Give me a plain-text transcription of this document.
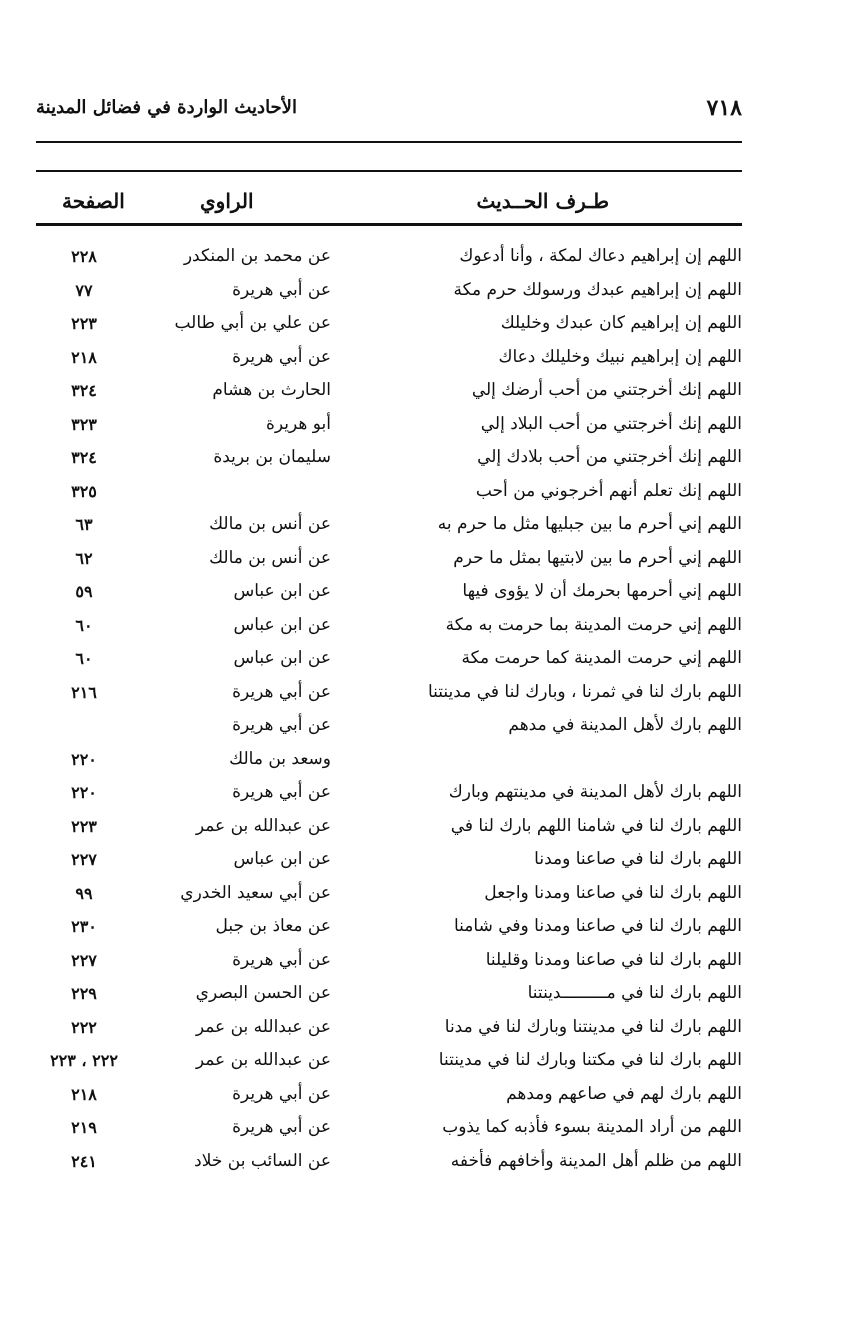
٧١٨
الأحاديث الواردة في فضائل المدينة
طـرف الحــديث
الراوي
الصفحة
اللهم إن إبراهيم دعاك لمكة ، وأنا أدعوك
عن محمد بن المنكدر
٢٢٨
اللهم إن إبراهيم عبدك ورسولك حرم مكة
عن أبي هريرة
٧٧
اللهم إن إبراهيم كان عبدك وخليلك
عن علي بن أبي طالب
٢٢٣
اللهم إن إبراهيم نبيك وخليلك دعاك
عن أبي هريرة
٢١٨
اللهم إنك أخرجتني من أحب أرضك إلي
الحارث بن هشام
٣٢٤
اللهم إنك أخرجتني من أحب البلاد إلي
أبو هريرة
٣٢٣
اللهم إنك أخرجتني من أحب بلادك إلي
سليمان بن بريدة
٣٢٤
اللهم إنك تعلم أنهم أخرجوني من أحب
٣٢٥
اللهم إني أحرم ما بين جبليها مثل ما حرم به
عن أنس بن مالك
٦٣
اللهم إني أحرم ما بين لابتيها بمثل ما حرم
عن أنس بن مالك
٦٢
اللهم إني أحرمها بحرمك أن لا يؤوى فيها
عن ابن عباس
٥٩
اللهم إني حرمت المدينة بما حرمت به مكة
عن ابن عباس
٦٠
اللهم إني حرمت المدينة كما حرمت مكة
عن ابن عباس
٦٠
اللهم بارك لنا في ثمرنا ، وبارك لنا في مدينتنا
عن أبي هريرة
٢١٦
اللهم بارك لأهل المدينة في مدهم
عن أبي هريرة
وسعد بن مالك
٢٢٠
اللهم بارك لأهل المدينة في مدينتهم وبارك
عن أبي هريرة
٢٢٠
اللهم بارك لنا في شامنا اللهم بارك لنا في
عن عبدالله بن عمر
٢٢٣
اللهم بارك لنا في صاعنا ومدنا
عن ابن عباس
٢٢٧
اللهم بارك لنا في صاعنا ومدنا واجعل
عن أبي سعيد الخدري
٩٩
اللهم بارك لنا في صاعنا ومدنا وفي شامنا
عن معاذ بن جبل
٢٣٠
اللهم بارك لنا في صاعنا ومدنا وقليلنا
عن أبي هريرة
٢٢٧
اللهم بارك لنا في مـــــــــدينتنا
عن الحسن البصري
٢٢٩
اللهم بارك لنا في مدينتنا وبارك لنا في مدنا
عن عبدالله بن عمر
٢٢٢
اللهم بارك لنا في مكتنا وبارك لنا في مدينتنا
عن عبدالله بن عمر
٢٢٢ ، ٢٢٣
اللهم بارك لهم في صاعهم ومدهم
عن أبي هريرة
٢١٨
اللهم من أراد المدينة بسوء فأذبه كما يذوب
عن أبي هريرة
٢١٩
اللهم من ظلم أهل المدينة وأخافهم فأخفه
عن السائب بن خلاد
٢٤١
